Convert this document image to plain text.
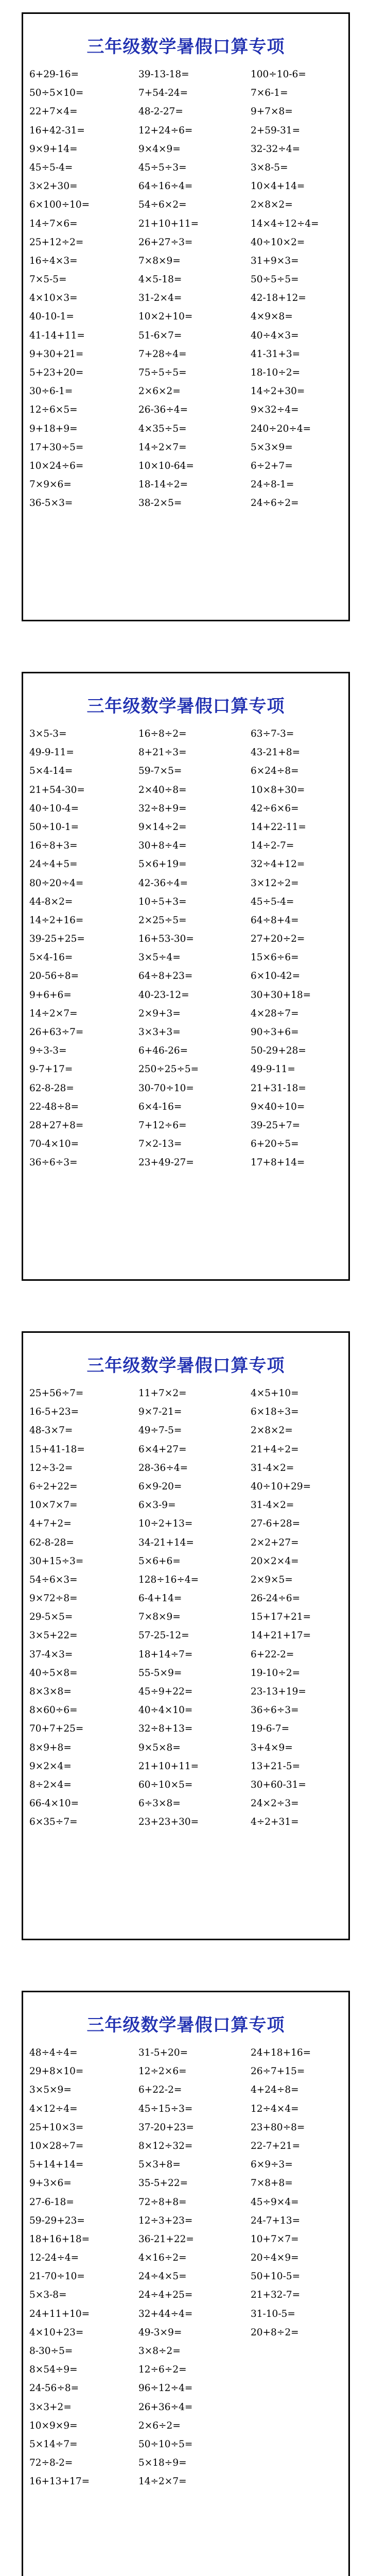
三年级数学暑假口算专项
6+29-16=	39-13-18=	100÷10-6=
50÷5×10=	7+54-24=	7×6-1=
22+7×4=	48-2-27=	9+7×8=
16+42-31=	12+24÷6=	2+59-31=
9×9+14=	9×4×9=	32-32÷4=
45÷5-4=	45÷5÷3=	3×8-5=
3×2+30=	64÷16÷4=	10×4+14=
6×100÷10=	54÷6×2=	2×8×2=
14÷7×6=	21+10+11=	14×4÷12÷4=
25+12÷2=	26+27÷3=	40÷10×2=
16÷4×3=	7×8×9=	31+9×3=
7×5-5=	4×5-18=	50÷5÷5=
4×10×3=	31-2×4=	42-18+12=
40-10-1=	10×2+10=	4×9×8=
41-14+11=	51-6×7=	40÷4×3=
9+30+21=	7+28÷4=	41-31+3=
5+23+20=	75÷5÷5=	18-10÷2=
30÷6-1=	2×6×2=	14÷2+30=
12÷6×5=	26-36÷4=	9×32÷4=
9+18+9=	4×35÷5=	240÷20÷4=
17+30÷5=	14÷2×7=	5×3×9=
10×24÷6=	10×10-64=	6÷2+7=
7×9×6=	18-14÷2=	24÷8-1=
36-5×3=	38-2×5=	24÷6÷2=
三年级数学暑假口算专项
3×5-3=	16÷8÷2=	63÷7-3=
49-9-11=	8+21÷3=	43-21+8=
5×4-14=	59-7×5=	6×24÷8=
21+54-30=	2×40÷8=	10×8+30=
40÷10-4=	32÷8+9=	42÷6×6=
50÷10-1=	9×14÷2=	14+22-11=
16÷8+3=	30+8÷4=	14÷2-7=
24÷4+5=	5×6+19=	32÷4+12=
80÷20÷4=	42-36÷4=	3×12÷2=
44-8×2=	10÷5+3=	45÷5-4=
14÷2+16=	2×25÷5=	64÷8+4=
39-25+25=	16+53-30=	27+20÷2=
5×4-16=	3×5÷4=	15×6÷6=
20-56÷8=	64÷8+23=	6×10-42=
9+6+6=	40-23-12=	30+30+18=
14÷2×7=	2×9+3=	4×28÷7=
26+63÷7=	3×3+3=	90÷3+6=
9÷3-3=	6+46-26=	50-29+28=
9-7+17=	250÷25÷5=	49-9-11=
62-8-28=	30-70÷10=	21+31-18=
22-48÷8=	6×4-16=	9×40÷10=
28+27+8=	7+12÷6=	39-25+7=
70-4×10=	7×2-13=	6+20÷5=
36÷6÷3=	23+49-27=	17+8+14=
三年级数学暑假口算专项
25+56÷7=	11+7×2=	4×5+10=
16-5+23=	9×7-21=	6×18÷3=
48-3×7=	49÷7-5=	2×8×2=
15+41-18=	6×4+27=	21+4÷2=
12÷3-2=	28-36÷4=	31-4×2=
6÷2+22=	6×9-20=	40÷10+29=
10×7×7=	6×3-9=	31-4×2=
4+7+2=	10÷2+13=	27-6+28=
62-8-28=	34-21+14=	2×2+27=
30+15÷3=	5×6+6=	20×2×4=
54÷6×3=	128÷16÷4=	2×9×5=
9×72÷8=	6-4+14=	26-24÷6=
29-5×5=	7×8×9=	15+17+21=
3×5+22=	57-25-12=	14+21+17=
37-4×3=	18+14÷7=	6+22-2=
40÷5×8=	55-5×9=	19-10÷2=
8×3×8=	45÷9+22=	23-13+19=
8×60÷6=	40÷4×10=	36÷6÷3=
70+7+25=	32÷8+13=	19-6-7=
8×9+8=	9×5×8=	3+4×9=
9×2×4=	21+10+11=	13+21-5=
8÷2×4=	60÷10×5=	30+60-31=
66-4×10=	6÷3×8=	24×2÷3=
6×35÷7=	23+23+30=	4÷2+31=
三年级数学暑假口算专项
48÷4÷4=	31-5+20=	24+18+16=
29+8×10=	12÷2×6=	26÷7+15=
3×5×9=	6+22-2=	4+24÷8=
4×12÷4=	45÷15÷3=	12÷4×4=
25+10×3=	37-20+23=	23+80÷8=
10×28÷7=	8×12÷32=	22-7+21=
5+14+14=	5×3+8=	6×9÷3=
9+3×6=	35-5+22=	7×8+8=
27-6-18=	72÷8+8=	45÷9×4=
59-29+23=	12÷3+23=	24-7+13=
18+16+18=	36-21+22=	10+7×7=
12-24÷4=	4×16÷2=	20÷4×9=
21-70÷10=	24÷4×5=	50+10-5=
5×3-8=	24÷4+25=	21+32-7=
24+11+10=	32+44÷4=	31-10-5=
4×10+23=	49-3×9=	20+8÷2=
8-30÷5=	3×8÷2=
8×54÷9=	12÷6÷2=
24-56÷8=	96÷12÷4=
3×3+2=	26+36÷4=
10×9×9=	2×6÷2=
5×14÷7=	50÷10÷5=
72÷8-2=	5×18÷9=
16+13+17=	14÷2×7=
